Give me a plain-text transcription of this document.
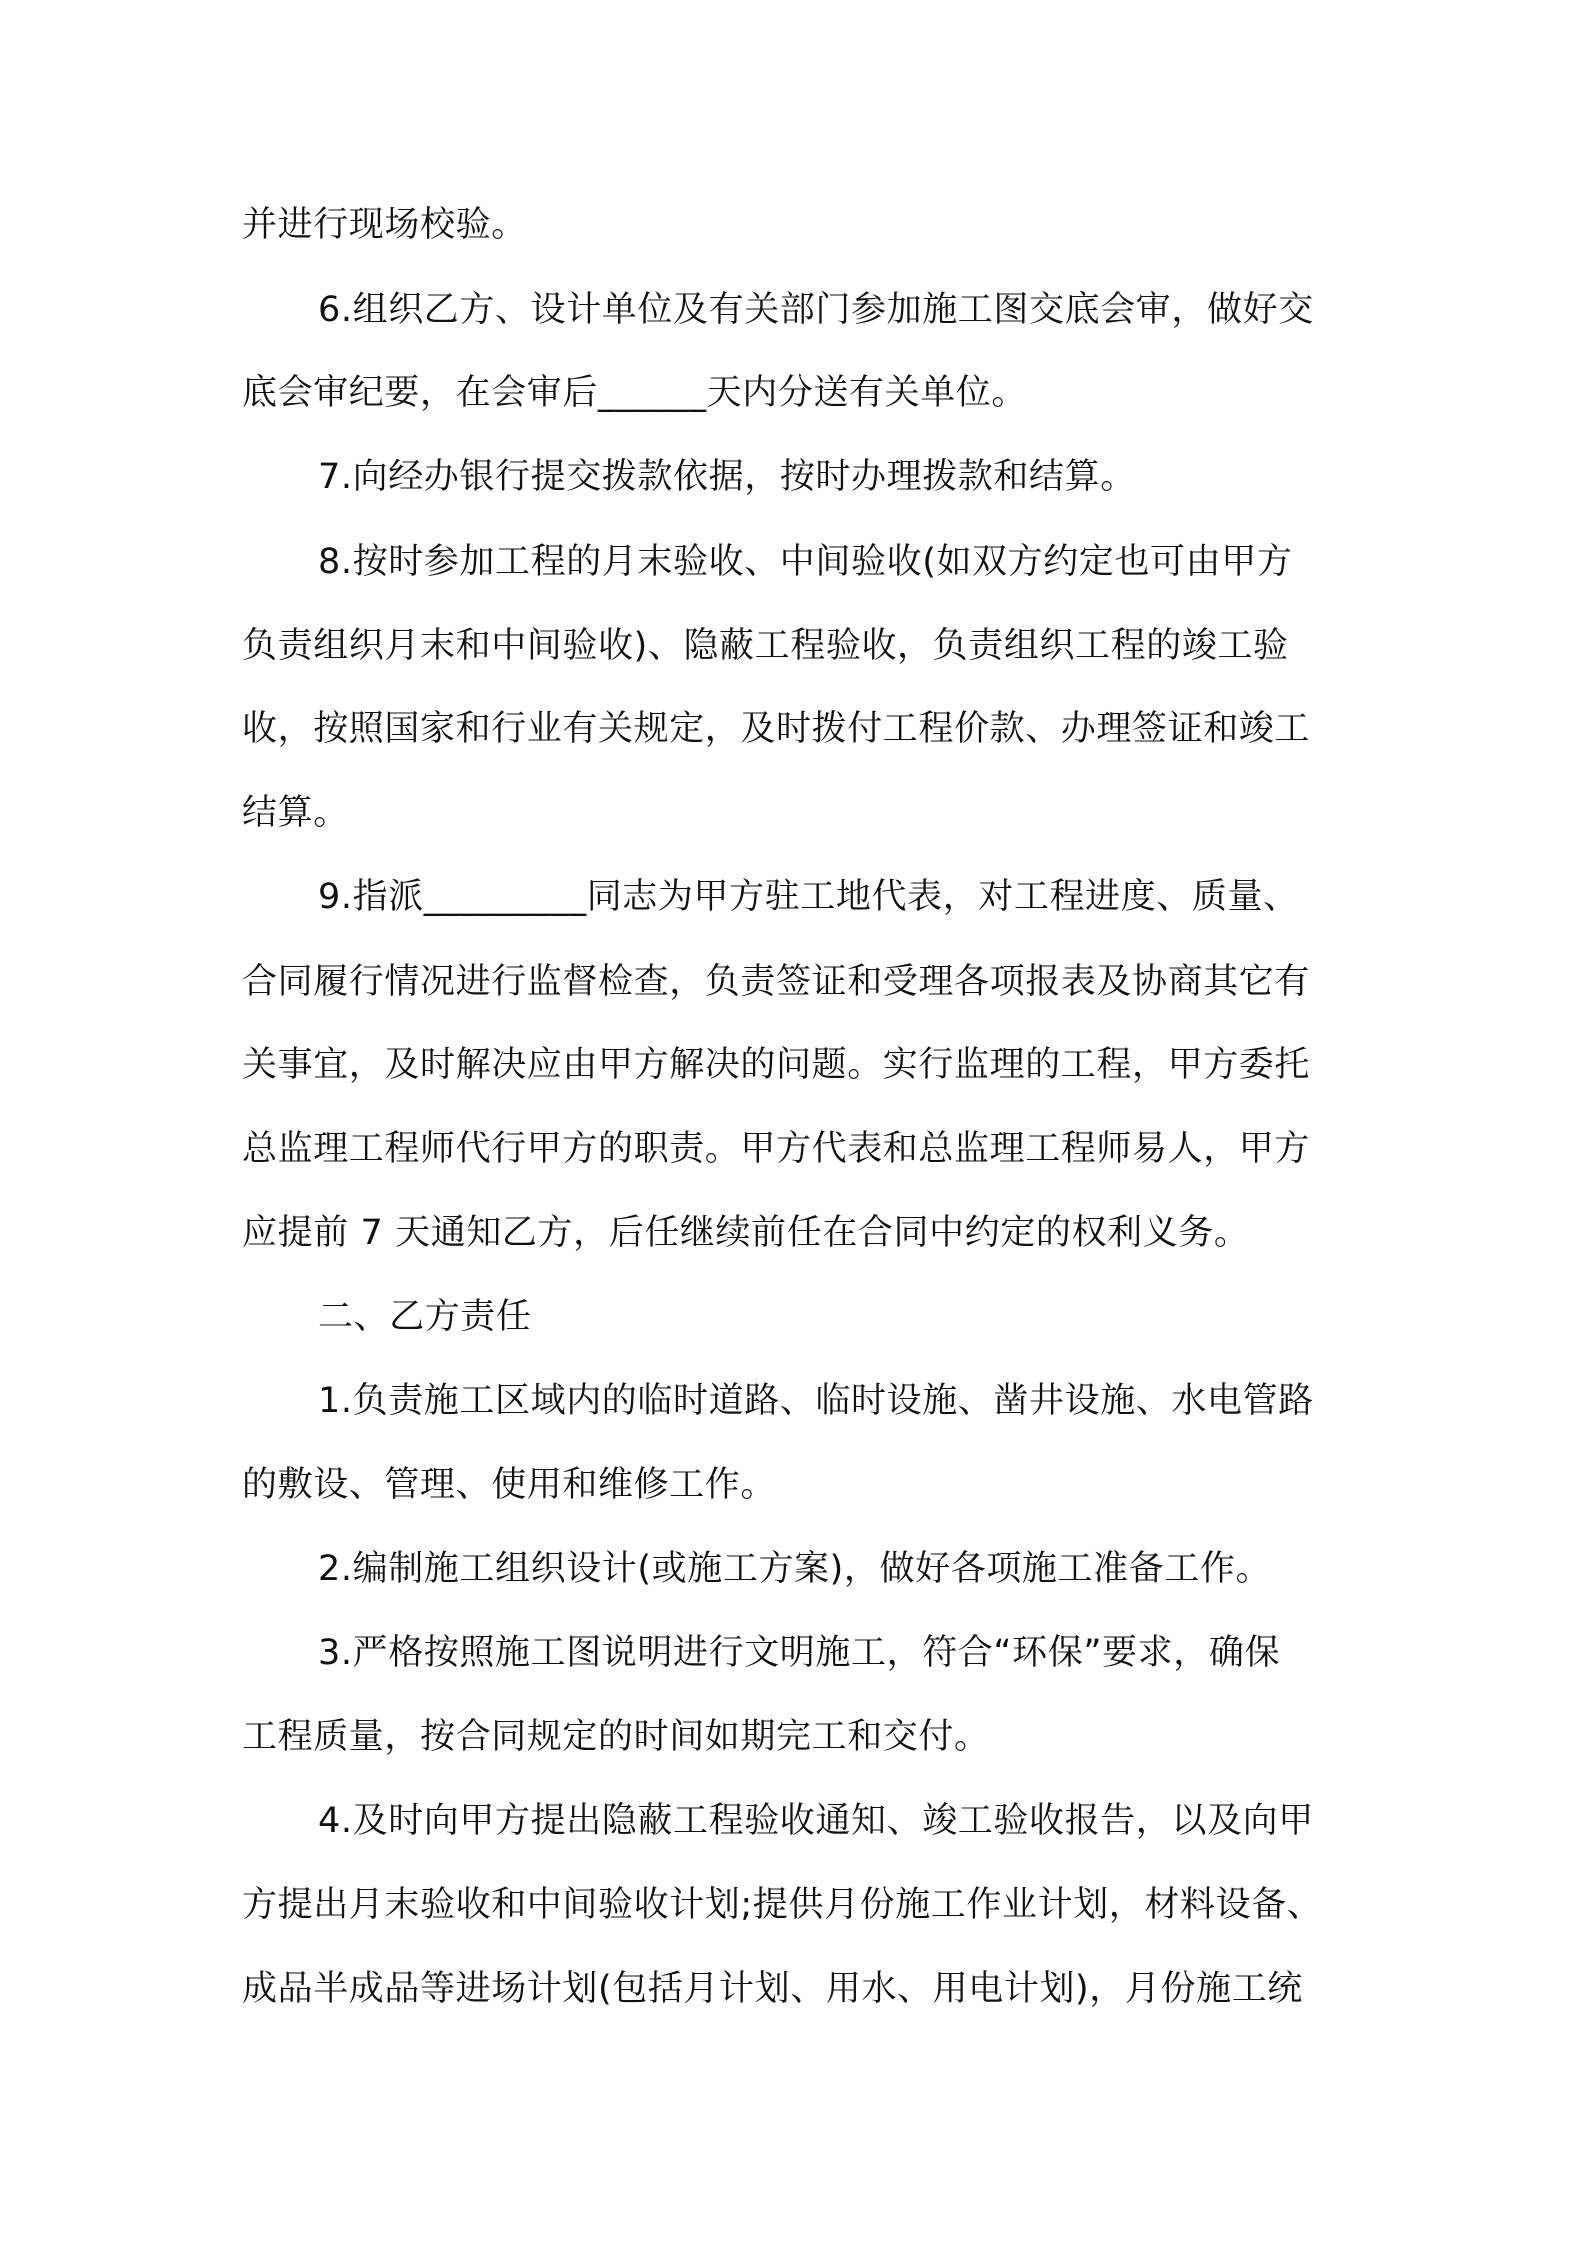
并进行现场校验。
6.组织乙方、设计单位及有关部门参加施工图交底会审，做好交
底会审纪要，在会审后______天内分送有关单位。
7.向经办银行提交拨款依据，按时办理拨款和结算。
8.按时参加工程的月末验收、中间验收(如双方约定也可由甲方
负责组织月末和中间验收)、隐蔽工程验收，负责组织工程的竣工验
收，按照国家和行业有关规定，及时拨付工程价款、办理签证和竣工
结算。
9.指派_________同志为甲方驻工地代表，对工程进度、质量、
合同履行情况进行监督检查，负责签证和受理各项报表及协商其它有
关事宜，及时解决应由甲方解决的问题。实行监理的工程，甲方委托
总监理工程师代行甲方的职责。甲方代表和总监理工程师易人，甲方
应提前 7 天通知乙方，后任继续前任在合同中约定的权利义务。
二、乙方责任
1.负责施工区域内的临时道路、临时设施、凿井设施、水电管路
的敷设、管理、使用和维修工作。
2.编制施工组织设计(或施工方案)，做好各项施工准备工作。
3.严格按照施工图说明进行文明施工，符合“环保”要求，确保
工程质量，按合同规定的时间如期完工和交付。
4.及时向甲方提出隐蔽工程验收通知、竣工验收报告，以及向甲
方提出月末验收和中间验收计划;提供月份施工作业计划，材料设备、
成品半成品等进场计划(包括月计划、用水、用电计划)，月份施工统
